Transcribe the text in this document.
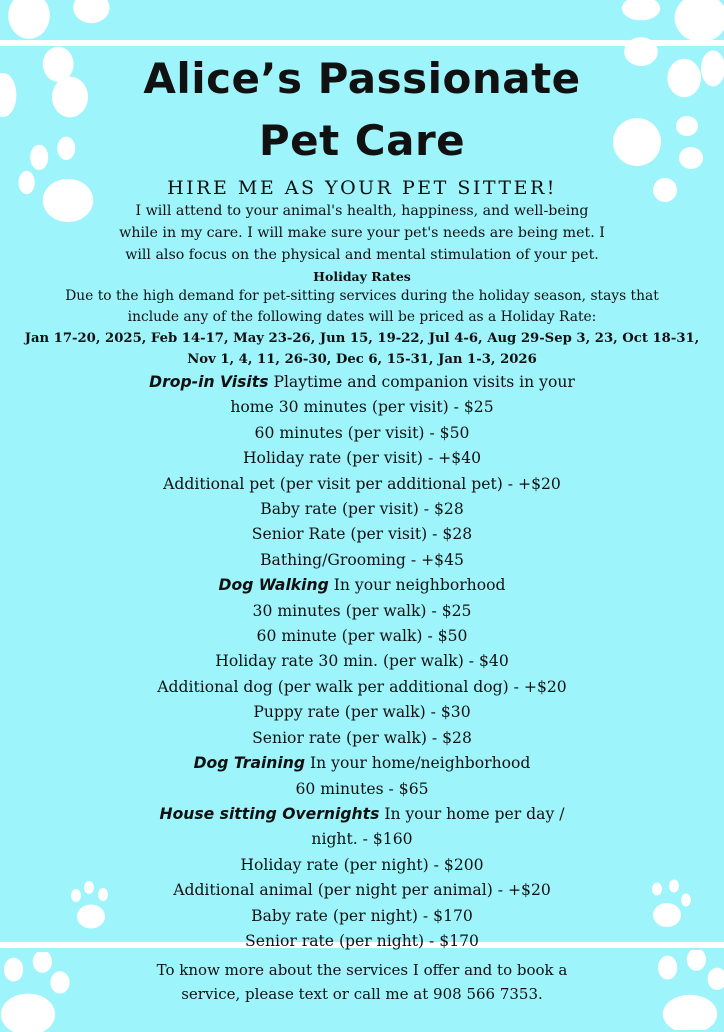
Alice’s Passionate
Pet Care
HIRE ME AS YOUR PET SITTER!
I will attend to your animal's health, happiness, and well-being
while in my care. I will make sure your pet's needs are being met. I
will also focus on the physical and mental stimulation of your pet.
Holiday Rates
Due to the high demand for pet-sitting services during the holiday season, stays that
include any of the following dates will be priced as a Holiday Rate:
Jan 17-20, 2025, Feb 14-17, May 23-26, Jun 15, 19-22, Jul 4-6, Aug 29-Sep 3, 23, Oct 18-31,
Nov 1, 4, 11, 26-30, Dec 6, 15-31, Jan 1-3, 2026
Drop-in Visits Playtime and companion visits in your
home 30 minutes (per visit) - $25
60 minutes (per visit) - $50
Holiday rate (per visit) - +$40
Additional pet (per visit per additional pet) - +$20
Baby rate (per visit) - $28
Senior Rate (per visit) - $28
Bathing/Grooming - +$45
Dog Walking In your neighborhood
30 minutes (per walk) - $25
60 minute (per walk) - $50
Holiday rate 30 min. (per walk) - $40
Additional dog (per walk per additional dog) - +$20
Puppy rate (per walk) - $30
Senior rate (per walk) - $28
Dog Training In your home/neighborhood
60 minutes - $65
House sitting Overnights In your home per day /
night. - $160
Holiday rate (per night) - $200
Additional animal (per night per animal) - +$20
Baby rate (per night) - $170
Senior rate (per night) - $170
To know more about the services I offer and to book a
service, please text or call me at 908 566 7353.
